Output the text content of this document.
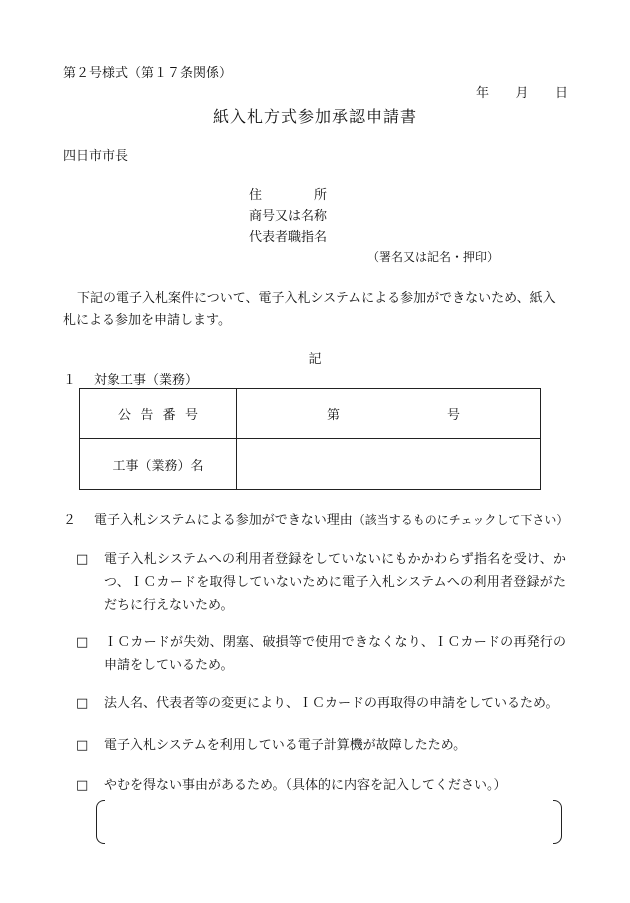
第２号様式（第１７条関係）
年 月 日
紙入札方式参加承認申請書
四日市市長
住	所
商号又は名称
代表者職指名
（署名又は記名・押印）
下記の電子入札案件について、電子入札システムによる参加ができないため、紙入
札による参加を申請します。
記
１ 対象工事（業務）
公 告 番 号	第 号

工事（業務）名	
２ 電子入札システムによる参加ができない理由（該当するものにチェックして下さい）
□ 電子入札システムへの利用者登録をしていないにもかかわらず指名を受け、かつ、ＩＣカードを取得していないために電子入札システムへの利用者登録がただちに行えないため。
□ ＩＣカードが失効、閉塞、破損等で使用できなくなり、ＩＣカードの再発行の申請をしているため。
□ 法人名、代表者等の変更により、ＩＣカードの再取得の申請をしているため。
□ 電子入札システムを利用している電子計算機が故障したため。
□ やむを得ない事由があるため。（具体的に内容を記入してください。）
